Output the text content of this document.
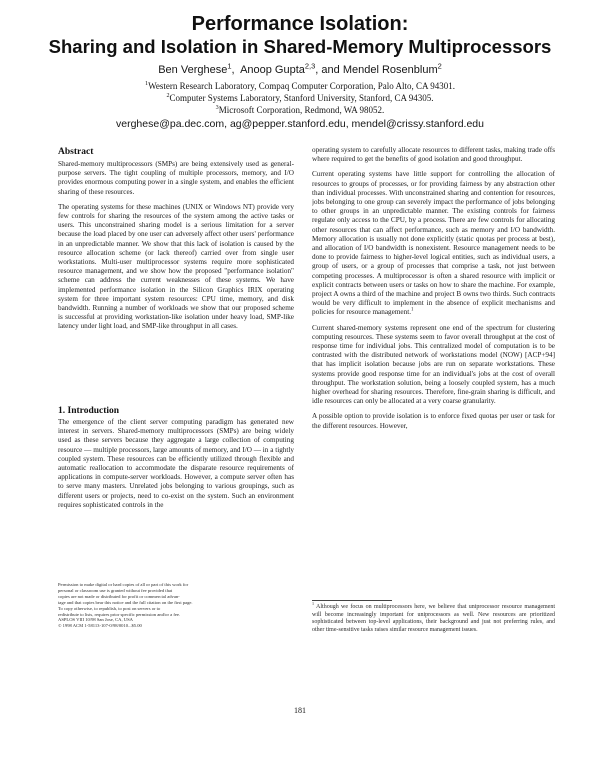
Performance Isolation:
Sharing and Isolation in Shared-Memory Multiprocessors
Ben Verghese$^1$,  Anoop Gupta$^{2,3}$, and Mendel Rosenblum$^2$
$^1$Western Research Laboratory, Compaq Computer Corporation, Palo Alto, CA 94301.
$^2$Computer Systems Laboratory, Stanford University, Stanford, CA 94305.
$^3$Microsoft Corporation, Redmond, WA 98052.
verghese@pa.dec.com, ag@pepper.stanford.edu, mendel@crissy.stanford.edu
Abstract

Shared-memory multiprocessors (SMPs) are being extensively used as general-purpose servers. The tight coupling of multiple processors, memory, and I/O provides enormous computing power in a single system, and enables the efficient sharing of these resources.

The operating systems for these machines (UNIX or Windows NT) provide very few controls for sharing the resources of the system among the active tasks or users. This unconstrained sharing model is a serious limitation for a server because the load placed by one user can adversely affect other users' performance in an unpredictable manner. We show that this lack of isolation is caused by the resource allocation scheme (or lack thereof) carried over from single user workstations. Multi-user multiprocessor systems require more sophisticated resource management, and we show how the proposed "performance isolation" scheme can address the current weaknesses of these systems. We have implemented performance isolation in the Silicon Graphics IRIX operating system for three important system resources: CPU time, memory, and disk bandwidth. Running a number of workloads we show that our proposed scheme is successful at providing workstation-like isolation under heavy load, SMP-like latency under light load, and SMP-like throughput in all cases.

1. Introduction

The emergence of the client server computing paradigm has generated new interest in servers. Shared-memory multiprocessors (SMPs) are being widely used as these servers because they aggregate a large collection of computing resource — multiple processors, large amounts of memory, and I/O — in a tightly coupled system. These resources can be efficiently utilized through flexible and automatic reallocation to accommodate the disparate resource requirements of applications in compute-server workloads. However, a compute server often has to serve many masters. Unrelated jobs belonging to various groupings, such as different users or projects, need to co-exist on the system. Such an environment requires sophisticated controls in the

Permission to make digital or hard copies of all or part of this work for
personal or classroom use is granted without fee provided that
copies are not made or distributed for profit or commercial advan-
tage and that copies bear this notice and the full citation on the first page.
To copy otherwise, to republish, to post on servers or to
redistribute to lists, requires prior specific permission and/or a fee.
ASPLOS VIII 10/98 San Jose, CA, USA
© 1998 ACM 1-58113-107-0/98/0010...$5.00

operating system to carefully allocate resources to different tasks, making trade offs where required to get the benefits of good isolation and good throughput.

Current operating systems have little support for controlling the allocation of resources to groups of processes, or for providing fairness by any abstraction other than individual processes. With unconstrained sharing and contention for resources, jobs belonging to one group can severely impact the performance of jobs belonging to other groups in an unpredictable manner. The existing controls for fairness regulate only access to the CPU, by a process. There are few controls for allocating other resources that can affect performance, such as memory and I/O bandwidth. Memory allocation is usually not done explicitly (static quotas per process at best), and allocation of I/O bandwidth is nonexistent. Resource management needs to be done to provide fairness to higher-level logical entities, such as individual users, a group of users, or a group of processes that comprise a task, not just between competing processes. A multiprocessor is often a shared resource with implicit or explicit contracts between users or tasks on how to share the machine. For example, project A owns a third of the machine and project B owns two thirds. Such contracts would be very difficult to implement in the absence of explicit mechanisms and policies for resource management.$^1$

Current shared-memory systems represent one end of the spectrum for clustering computing resources. These systems seem to favor overall throughput at the cost of response time for individual jobs. This centralized model of computation is to be contrasted with the distributed network of workstations model (NOW) [ACP+94] that has implicit isolation because jobs are run on separate workstations. These systems provide good response time for an individual's jobs at the cost of overall throughput. The workstation solution, being a loosely coupled system, has a much higher overhead for sharing resources. Therefore, fine-grain sharing is difficult, and idle resources can only be allocated at a very coarse granularity.

A possible option to provide isolation is to enforce fixed quotas per user or task for the different resources. However,

$^1$ Although we focus on multiprocessors here, we believe that uniprocessor resource management will become increasingly important for uniprocessors as well. New resources are prioritized sophisticated between top-level applications, their background and just not preferring rules, and other time-sensitive tasks raises similar resource management issues.
181
